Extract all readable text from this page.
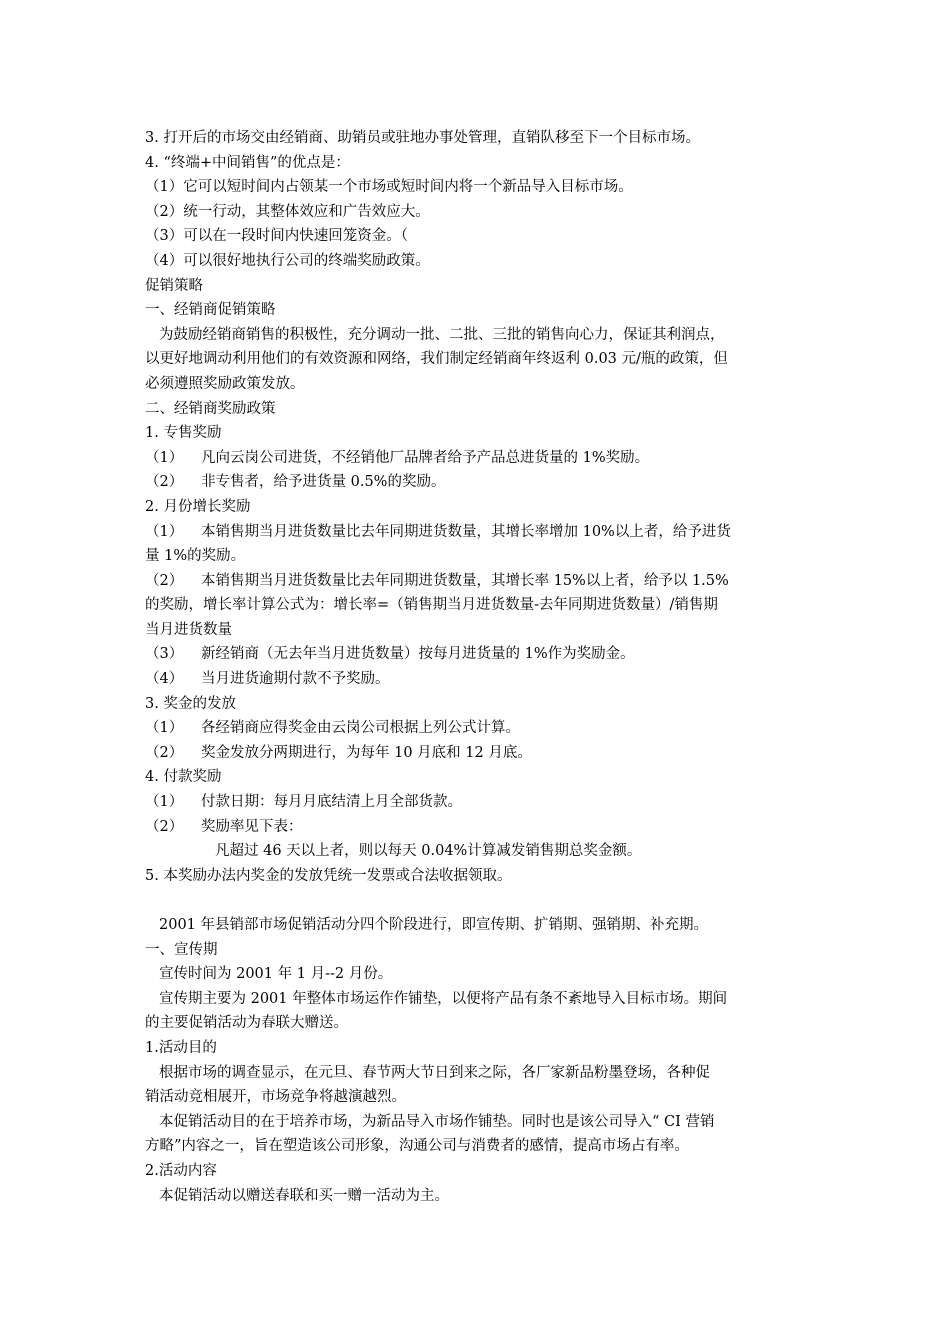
3. 打开后的市场交由经销商、助销员或驻地办事处管理，直销队移至下一个目标市场。
4. “终端+中间销售”的优点是：
（1）它可以短时间内占领某一个市场或短时间内将一个新品导入目标市场。
（2）统一行动，其整体效应和广告效应大。
（3）可以在一段时间内快速回笼资金。（
（4）可以很好地执行公司的终端奖励政策。
促销策略
一、经销商促销策略
为鼓励经销商销售的积极性，充分调动一批、二批、三批的销售向心力，保证其利润点，
以更好地调动利用他们的有效资源和网络，我们制定经销商年终返利 0.03 元/瓶的政策，但
必须遵照奖励政策发放。
二、经销商奖励政策
1. 专售奖励
（1） 凡向云岗公司进货，不经销他厂品牌者给予产品总进货量的 1%奖励。
（2） 非专售者，给予进货量 0.5%的奖励。
2. 月份增长奖励
（1） 本销售期当月进货数量比去年同期进货数量，其增长率增加 10%以上者，给予进货
量 1%的奖励。
（2） 本销售期当月进货数量比去年同期进货数量，其增长率 15%以上者，给予以 1.5%
的奖励，增长率计算公式为：增长率=（销售期当月进货数量-去年同期进货数量）/销售期
当月进货数量
（3） 新经销商（无去年当月进货数量）按每月进货量的 1%作为奖励金。
（4） 当月进货逾期付款不予奖励。
3. 奖金的发放
（1） 各经销商应得奖金由云岗公司根据上列公式计算。
（2） 奖金发放分两期进行，为每年 10 月底和 12 月底。
4. 付款奖励
（1） 付款日期：每月月底结清上月全部货款。
（2） 奖励率见下表：
凡超过 46 天以上者，则以每天 0.04%计算减发销售期总奖金额。
5. 本奖励办法内奖金的发放凭统一发票或合法收据领取。
2001 年县销部市场促销活动分四个阶段进行，即宣传期、扩销期、强销期、补充期。
一、宣传期
宣传时间为 2001 年 1 月--2 月份。
宣传期主要为 2001 年整体市场运作作铺垫，以便将产品有条不紊地导入目标市场。期间
的主要促销活动为春联大赠送。
1.活动目的
根据市场的调查显示，在元旦、春节两大节日到来之际，各厂家新品粉墨登场，各种促
销活动竞相展开，市场竞争将越演越烈。
本促销活动目的在于培养市场，为新品导入市场作铺垫。同时也是该公司导入“ CI 营销
方略”内容之一，旨在塑造该公司形象，沟通公司与消费者的感情，提高市场占有率。
2.活动内容
本促销活动以赠送春联和买一赠一活动为主。
